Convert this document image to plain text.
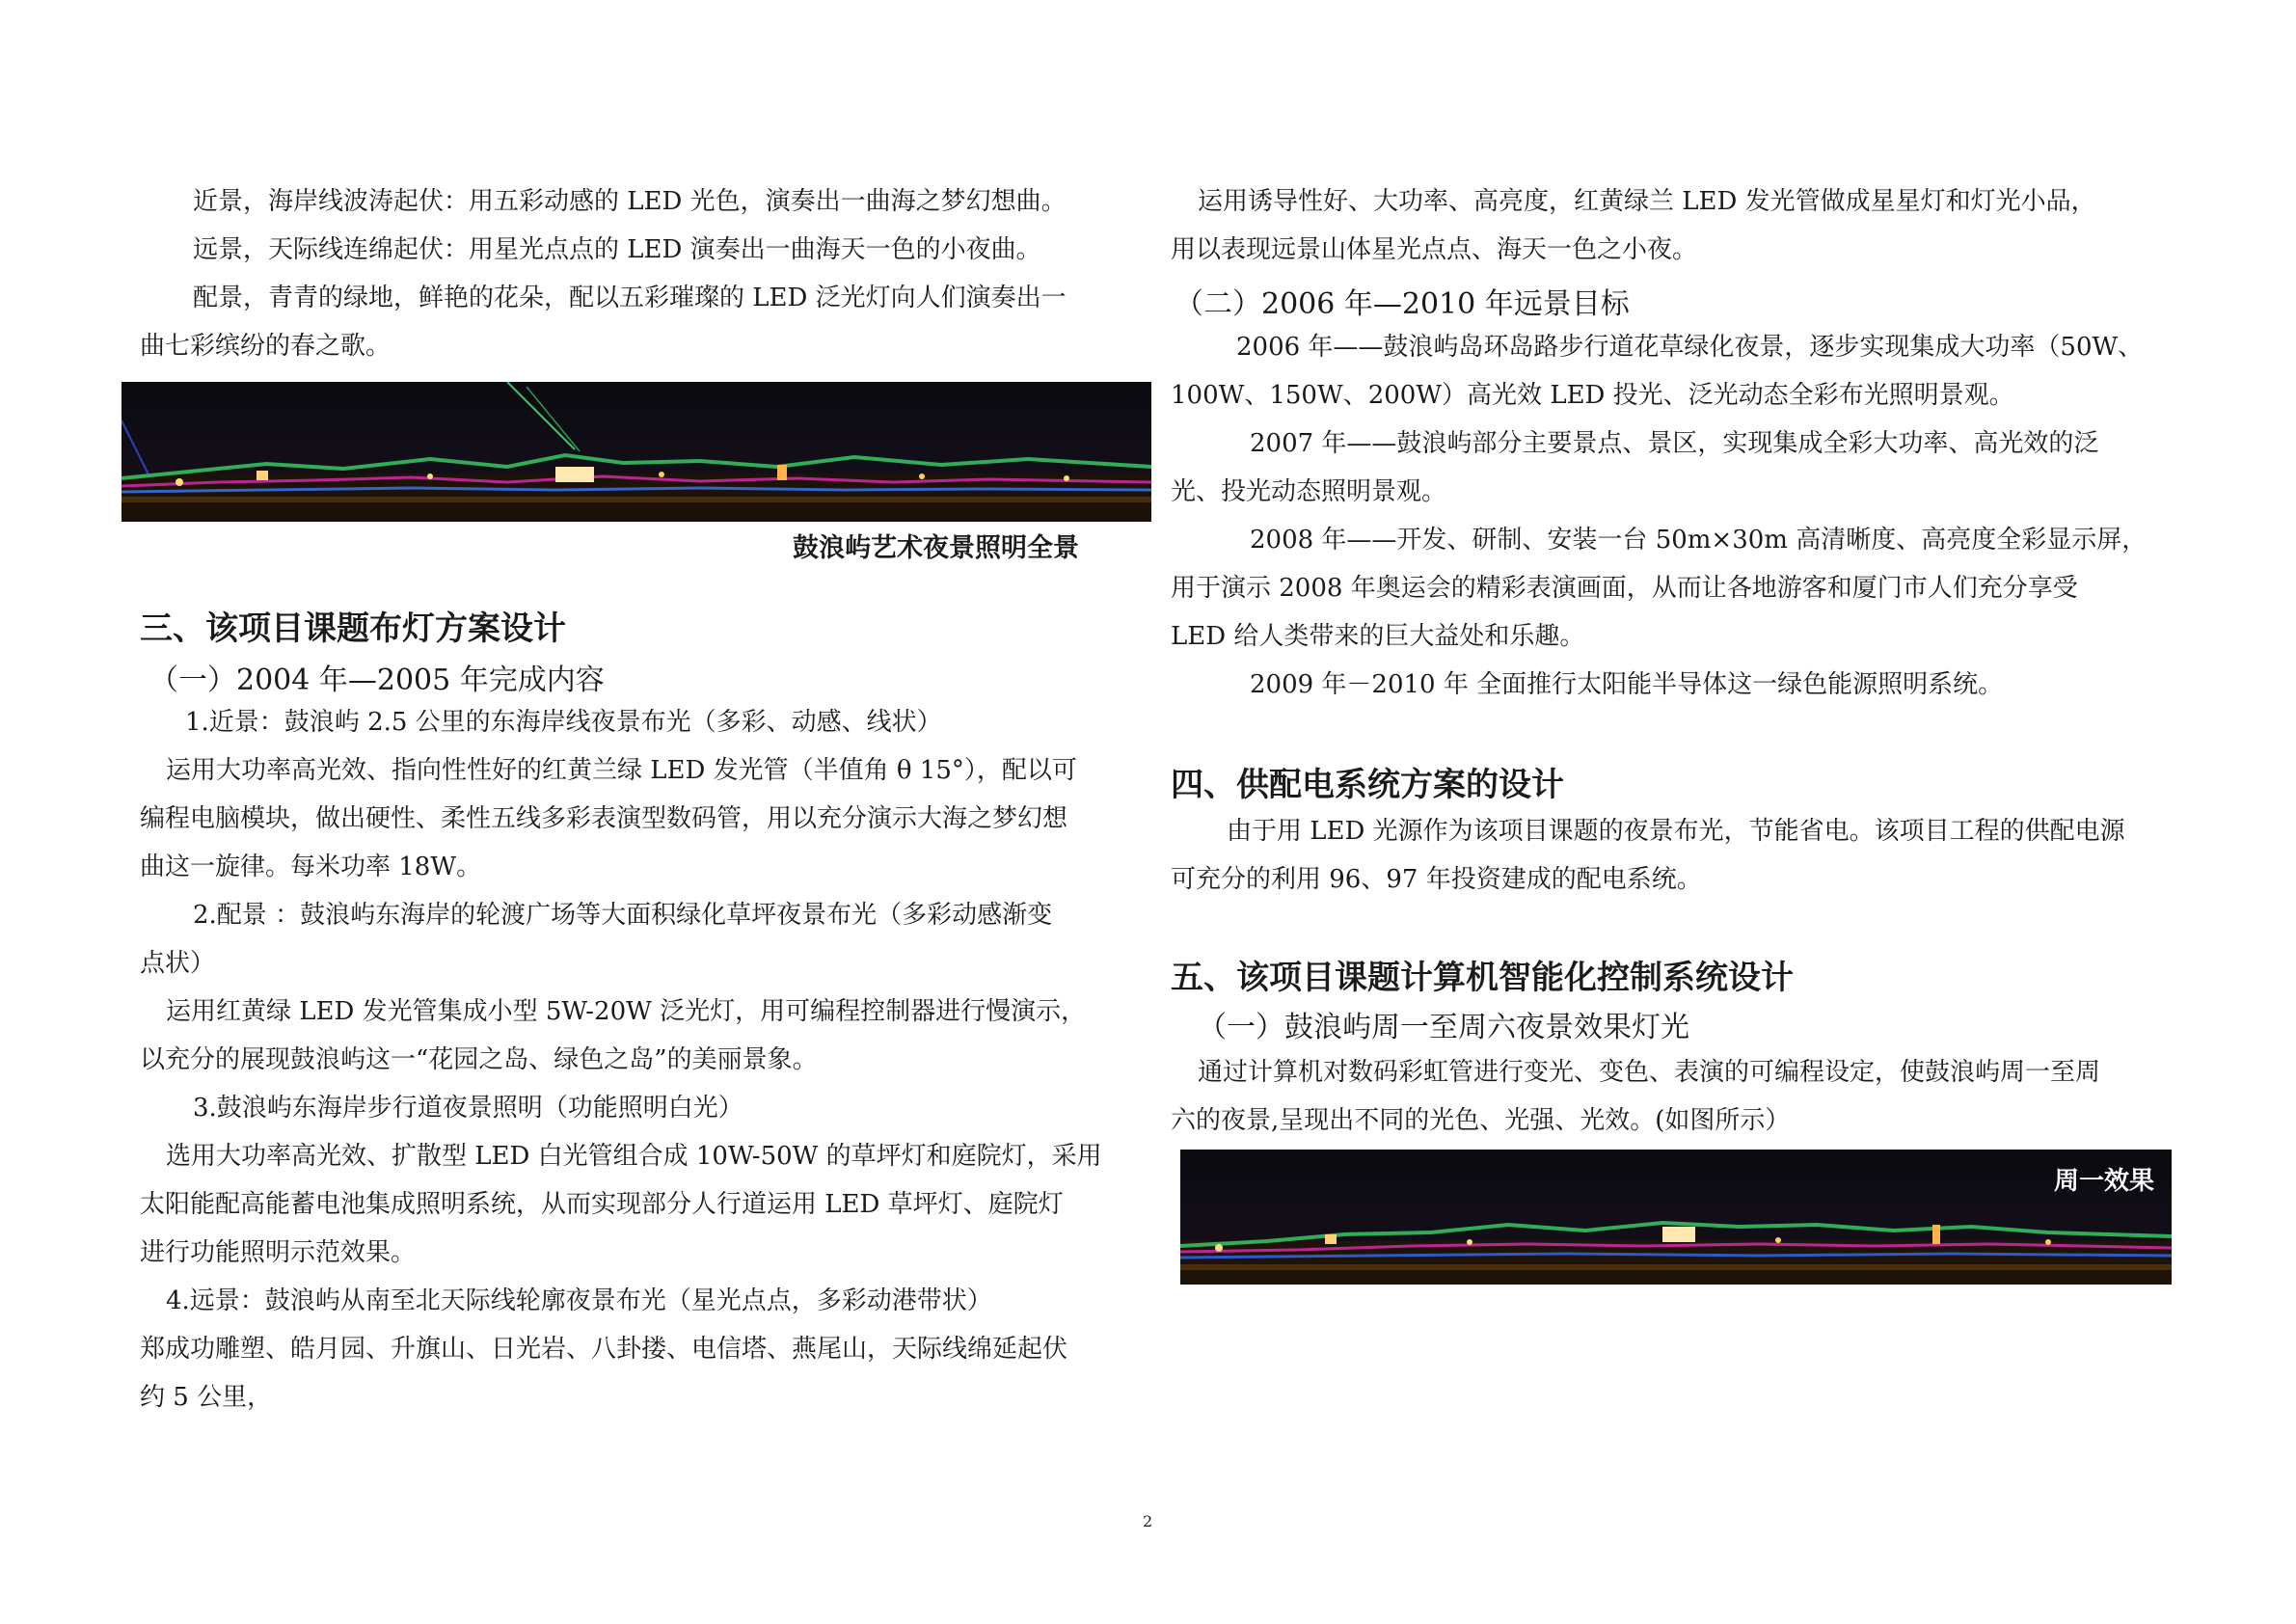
近景，海岸线波涛起伏：用五彩动感的 LED 光色，演奏出一曲海之梦幻想曲。
远景，天际线连绵起伏：用星光点点的 LED 演奏出一曲海天一色的小夜曲。
配景，青青的绿地，鲜艳的花朵，配以五彩璀璨的 LED 泛光灯向人们演奏出一
曲七彩缤纷的春之歌。
鼓浪屿艺术夜景照明全景
三、该项目课题布灯方案设计
（一）2004 年—2005 年完成内容
1.近景：鼓浪屿 2.5 公里的东海岸线夜景布光（多彩、动感、线状）
运用大功率高光效、指向性性好的红黄兰绿 LED 发光管（半值角 θ 15°），配以可
编程电脑模块，做出硬性、柔性五线多彩表演型数码管，用以充分演示大海之梦幻想
曲这一旋律。每米功率 18W。
2.配景 ：鼓浪屿东海岸的轮渡广场等大面积绿化草坪夜景布光（多彩动感渐变
点状）
运用红黄绿 LED 发光管集成小型 5W-20W 泛光灯，用可编程控制器进行慢演示，
以充分的展现鼓浪屿这一“花园之岛、绿色之岛”的美丽景象。
3.鼓浪屿东海岸步行道夜景照明（功能照明白光）
选用大功率高光效、扩散型 LED 白光管组合成 10W-50W 的草坪灯和庭院灯，采用
太阳能配高能蓄电池集成照明系统，从而实现部分人行道运用 LED 草坪灯、庭院灯
进行功能照明示范效果。
4.远景：鼓浪屿从南至北天际线轮廓夜景布光（星光点点，多彩动港带状）
郑成功雕塑、皓月园、升旗山、日光岩、八卦搂、电信塔、燕尾山，天际线绵延起伏
约 5 公里，
运用诱导性好、大功率、高亮度，红黄绿兰 LED 发光管做成星星灯和灯光小品，
用以表现远景山体星光点点、海天一色之小夜。
（二）2006 年—2010 年远景目标
2006 年——鼓浪屿岛环岛路步行道花草绿化夜景，逐步实现集成大功率（50W、
100W、150W、200W）高光效 LED 投光、泛光动态全彩布光照明景观。
2007 年——鼓浪屿部分主要景点、景区，实现集成全彩大功率、高光效的泛
光、投光动态照明景观。
2008 年——开发、研制、安装一台 50m×30m 高清晰度、高亮度全彩显示屏，
用于演示 2008 年奥运会的精彩表演画面，从而让各地游客和厦门市人们充分享受
LED 给人类带来的巨大益处和乐趣。
2009 年－2010 年 全面推行太阳能半导体这一绿色能源照明系统。
四、供配电系统方案的设计
由于用 LED 光源作为该项目课题的夜景布光，节能省电。该项目工程的供配电源
可充分的利用 96、97 年投资建成的配电系统。
五、该项目课题计算机智能化控制系统设计
（一）鼓浪屿周一至周六夜景效果灯光
通过计算机对数码彩虹管进行变光、变色、表演的可编程设定，使鼓浪屿周一至周
六的夜景,呈现出不同的光色、光强、光效。(如图所示）
周一效果
2
